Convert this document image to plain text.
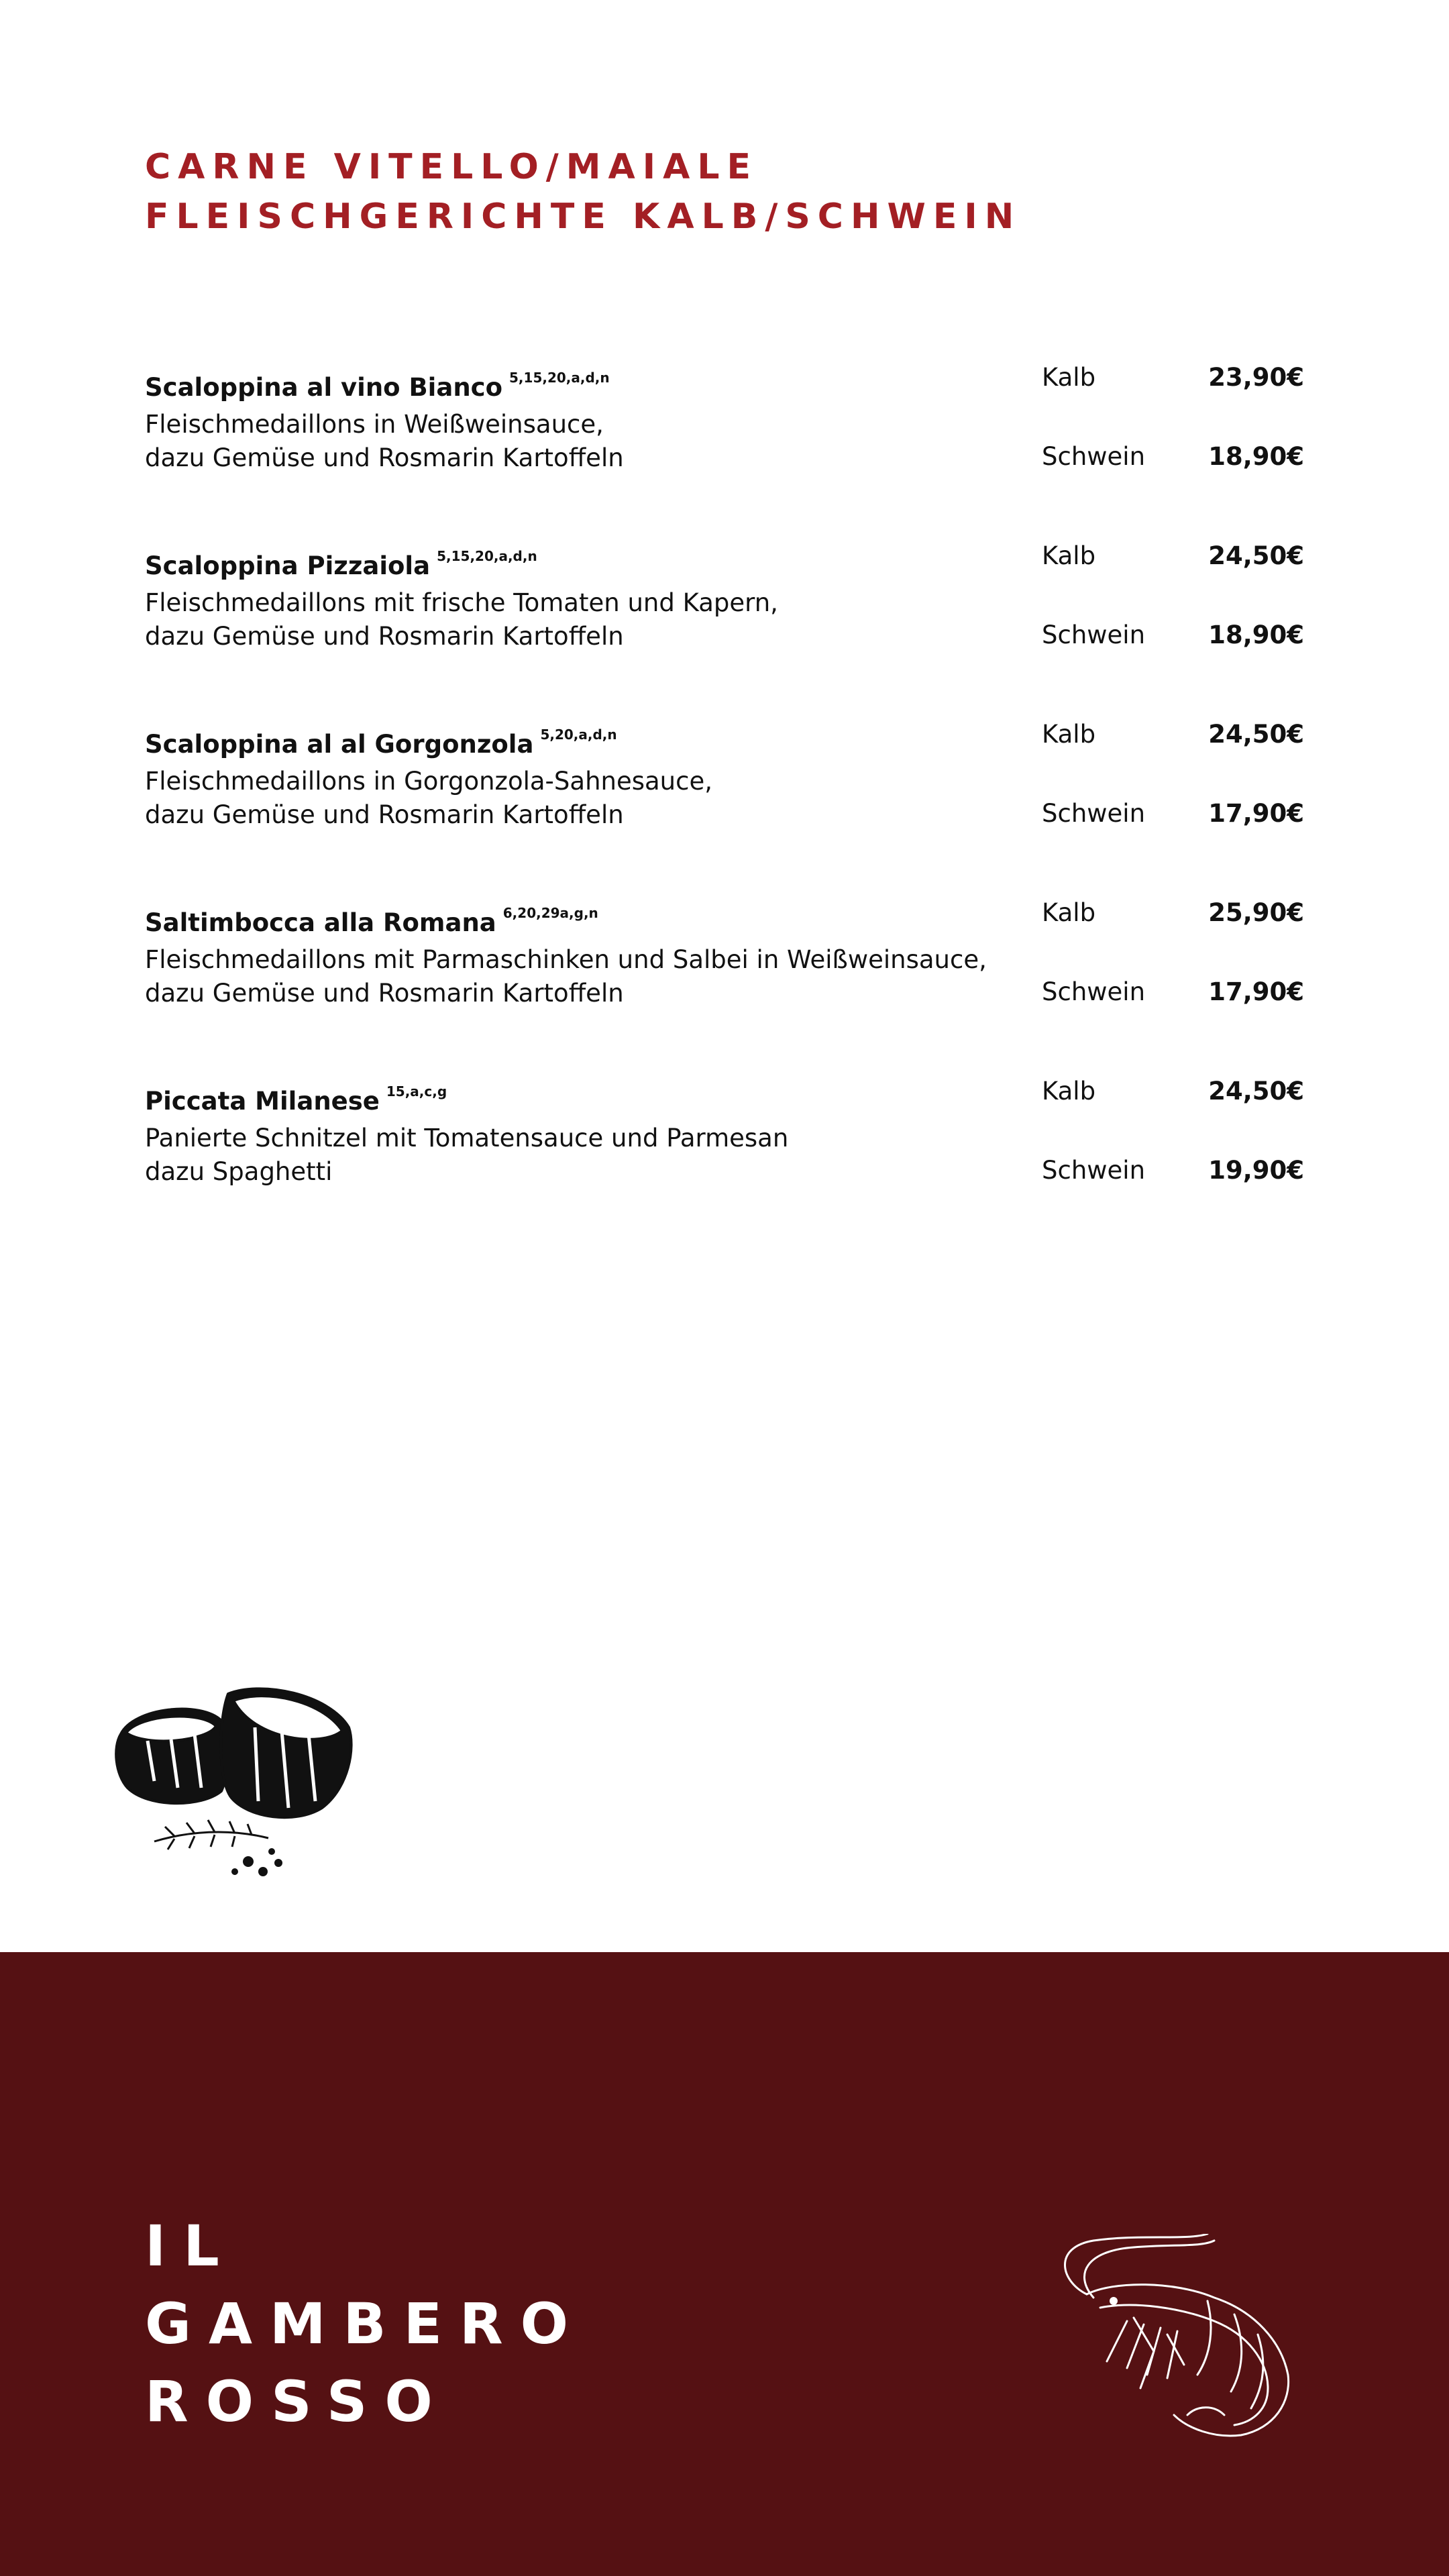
CARNE VITELLO/MAIALE
FLEISCHGERICHTE KALB/SCHWEIN
Scaloppina al vino Bianco $^{5,15,20,a,d,n}$
Fleischmedaillons in Weißweinsauce,
dazu Gemüse und Rosmarin Kartoffeln
Kalb	23,90€
Schwein	18,90€
Scaloppina Pizzaiola $^{5,15,20,a,d,n}$
Fleischmedaillons mit frische Tomaten und Kapern,
dazu Gemüse und Rosmarin Kartoffeln
Kalb	24,50€
Schwein	18,90€
Scaloppina al al Gorgonzola $^{5,20,a,d,n}$
Fleischmedaillons in Gorgonzola-Sahnesauce,
dazu Gemüse und Rosmarin Kartoffeln
Kalb	24,50€
Schwein	17,90€
Saltimbocca alla Romana $^{6,20,29a,g,n}$
Fleischmedaillons mit Parmaschinken und Salbei in Weißweinsauce,
dazu Gemüse und Rosmarin Kartoffeln
Kalb	25,90€
Schwein	17,90€
Piccata Milanese $^{15,a,c,g}$
Panierte Schnitzel mit Tomatensauce und Parmesan
dazu Spaghetti
Kalb	24,50€
Schwein	19,90€
IL
GAMBERO
ROSSO
